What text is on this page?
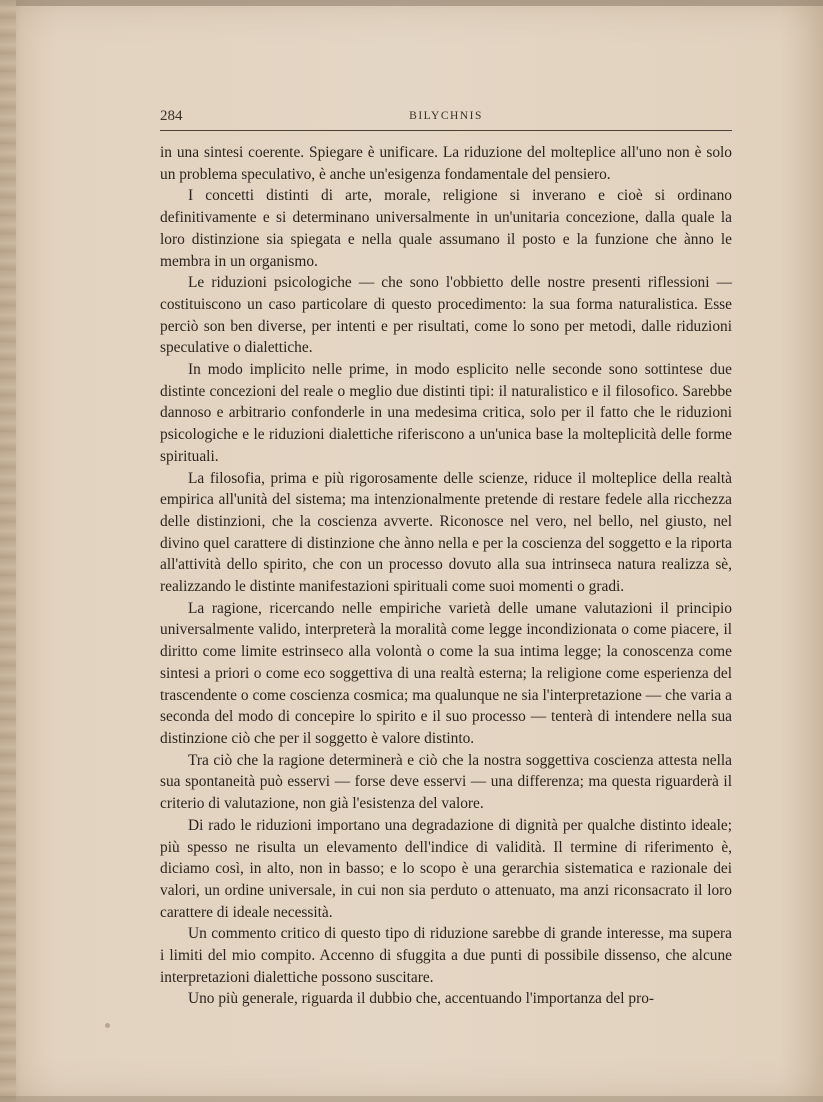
284	BILYCHNIS

in una sintesi coerente. Spiegare è unificare. La riduzione del molteplice all'uno non è solo un problema speculativo, è anche un'esigenza fondamentale del pensiero.

I concetti distinti di arte, morale, religione si inverano e cioè si ordinano definitivamente e si determinano universalmente in un'unitaria concezione, dalla quale la loro distinzione sia spiegata e nella quale assumano il posto e la funzione che ànno le membra in un organismo.

Le riduzioni psicologiche — che sono l'obbietto delle nostre presenti riflessioni — costituiscono un caso particolare di questo procedimento: la sua forma naturalistica. Esse perciò son ben diverse, per intenti e per risultati, come lo sono per metodi, dalle riduzioni speculative o dialettiche.

In modo implicito nelle prime, in modo esplicito nelle seconde sono sottintese due distinte concezioni del reale o meglio due distinti tipi: il naturalistico e il filosofico. Sarebbe dannoso e arbitrario confonderle in una medesima critica, solo per il fatto che le riduzioni psicologiche e le riduzioni dialettiche riferiscono a un'unica base la molteplicità delle forme spirituali.

La filosofia, prima e più rigorosamente delle scienze, riduce il molteplice della realtà empirica all'unità del sistema; ma intenzionalmente pretende di restare fedele alla ricchezza delle distinzioni, che la coscienza avverte. Riconosce nel vero, nel bello, nel giusto, nel divino quel carattere di distinzione che ànno nella e per la coscienza del soggetto e la riporta all'attività dello spirito, che con un processo dovuto alla sua intrinseca natura realizza sè, realizzando le distinte manifestazioni spirituali come suoi momenti o gradi.

La ragione, ricercando nelle empiriche varietà delle umane valutazioni il principio universalmente valido, interpreterà la moralità come legge incondizionata o come piacere, il diritto come limite estrinseco alla volontà o come la sua intima legge; la conoscenza come sintesi a priori o come eco soggettiva di una realtà esterna; la religione come esperienza del trascendente o come coscienza cosmica; ma qualunque ne sia l'interpretazione — che varia a seconda del modo di concepire lo spirito e il suo processo — tenterà di intendere nella sua distinzione ciò che per il soggetto è valore distinto.

Tra ciò che la ragione determinerà e ciò che la nostra soggettiva coscienza attesta nella sua spontaneità può esservi — forse deve esservi — una differenza; ma questa riguarderà il criterio di valutazione, non già l'esistenza del valore.

Di rado le riduzioni importano una degradazione di dignità per qualche distinto ideale; più spesso ne risulta un elevamento dell'indice di validità. Il termine di riferimento è, diciamo così, in alto, non in basso; e lo scopo è una gerarchia sistematica e razionale dei valori, un ordine universale, in cui non sia perduto o attenuato, ma anzi riconsacrato il loro carattere di ideale necessità.

Un commento critico di questo tipo di riduzione sarebbe di grande interesse, ma supera i limiti del mio compito. Accenno di sfuggita a due punti di possibile dissenso, che alcune interpretazioni dialettiche possono suscitare.

Uno più generale, riguarda il dubbio che, accentuando l'importanza del pro-
